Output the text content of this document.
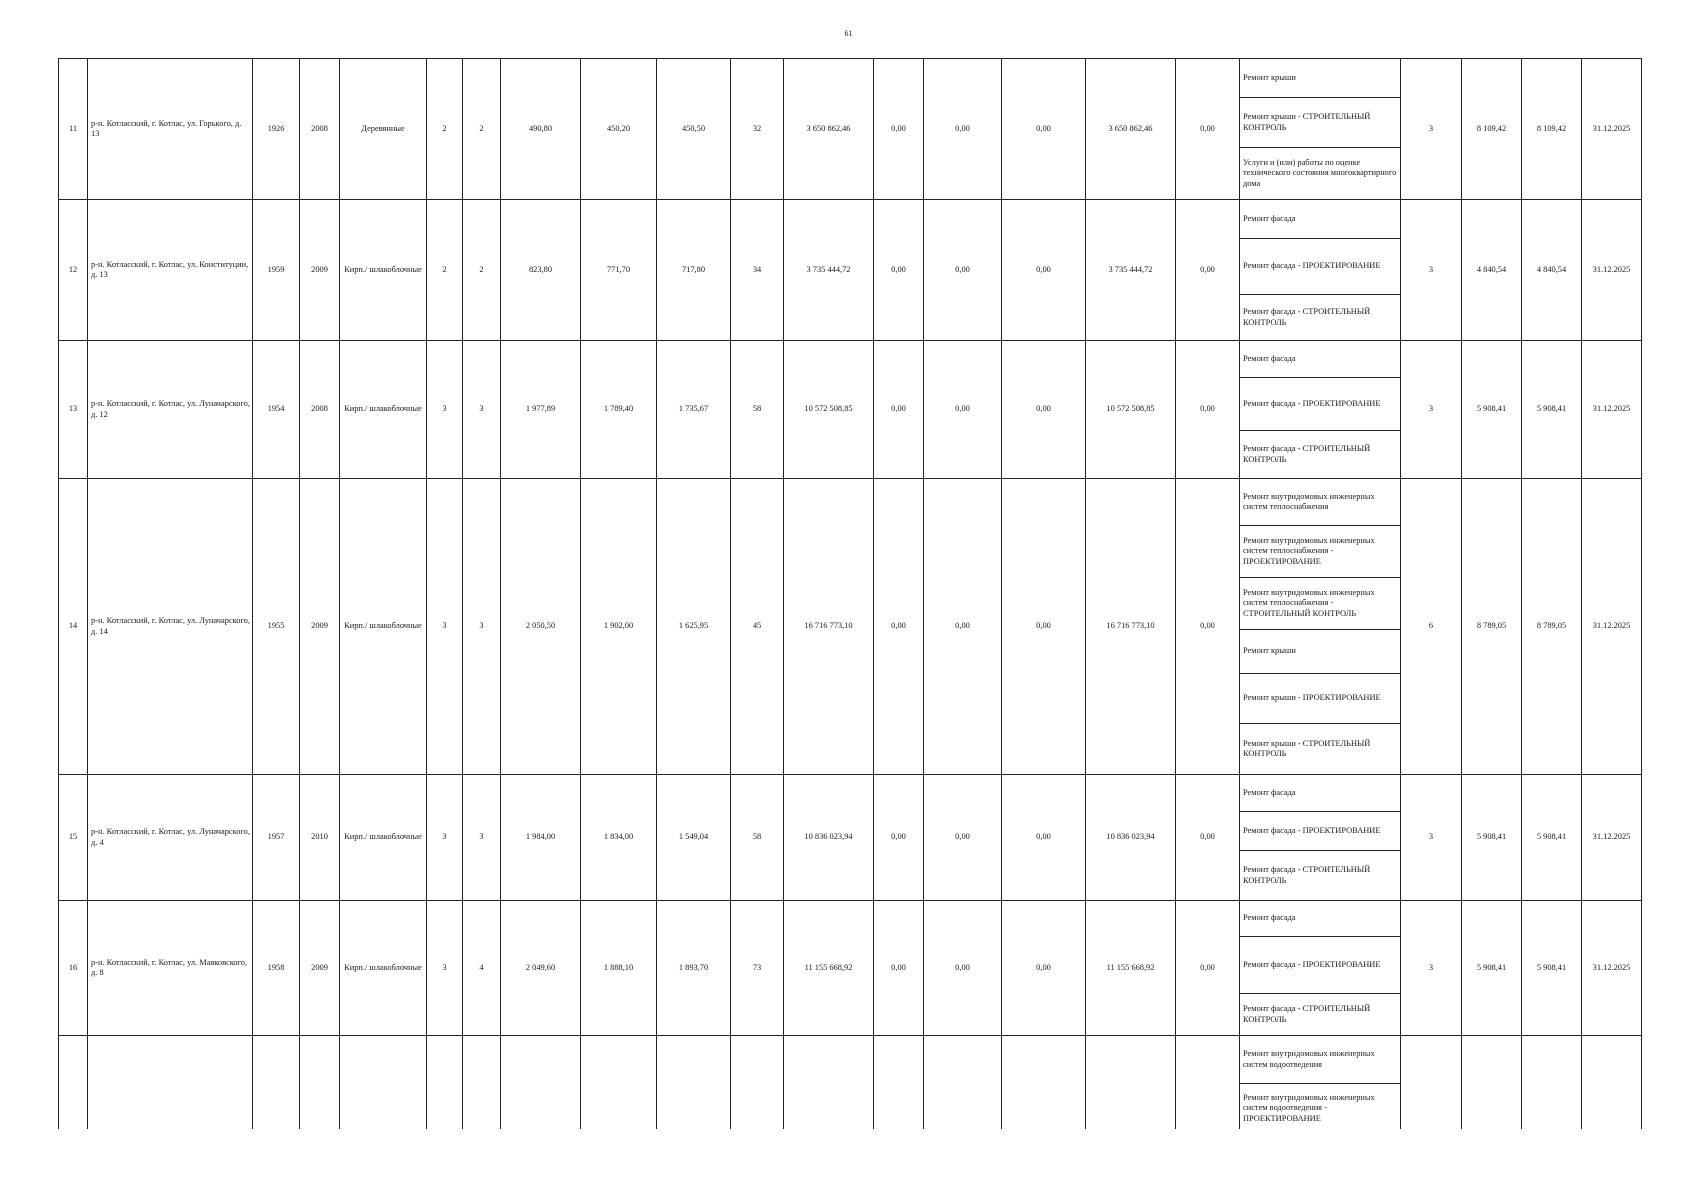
61
11	р-н. Котласский, г. Котлас, ул. Горького, д. 13	1926	2008	Деревянные	2	2	490,80	450,20	450,50	32	3 650 862,46	0,00	0,00	0,00	3 650 862,46	0,00	Ремонт крыши	3	8 109,42	8 109,42	31.12.2025
																	Ремонт крыши - СТРОИТЕЛЬНЫЙ КОНТРОЛЬ				
																	Услуги и (или) работы по оценке технического состояния многоквартирного дома				
12	р-н. Котласский, г. Котлас, ул. Конституции, д. 13	1959	2009	Кирп./ шлакоблочные	2	2	823,80	771,70	717,80	34	3 735 444,72	0,00	0,00	0,00	3 735 444,72	0,00	Ремонт фасада	3	4 840,54	4 840,54	31.12.2025
																	Ремонт фасада - ПРОЕКТИРОВАНИЕ				
																	Ремонт фасада - СТРОИТЕЛЬНЫЙ КОНТРОЛЬ				
13	р-н. Котласский, г. Котлас, ул. Луначарского, д. 12	1954	2008	Кирп./ шлакоблочные	3	3	1 977,89	1 789,40	1 735,67	58	10 572 508,85	0,00	0,00	0,00	10 572 508,85	0,00	Ремонт фасада	3	5 908,41	5 908,41	31.12.2025
																	Ремонт фасада - ПРОЕКТИРОВАНИЕ				
																	Ремонт фасада - СТРОИТЕЛЬНЫЙ КОНТРОЛЬ				
14	р-н. Котласский, г. Котлас, ул. Луначарского, д. 14	1955	2009	Кирп./ шлакоблочные	3	3	2 050,50	1 902,00	1 625,95	45	16 716 773,10	0,00	0,00	0,00	16 716 773,10	0,00	Ремонт внутридомовых инженерных систем теплоснабжения	6	8 789,05	8 789,05	31.12.2025
																	Ремонт внутридомовых инженерных систем теплоснабжения - ПРОЕКТИРОВАНИЕ				
																	Ремонт внутридомовых инженерных систем теплоснабжения - СТРОИТЕЛЬНЫЙ КОНТРОЛЬ				
																	Ремонт крыши				
																	Ремонт крыши - ПРОЕКТИРОВАНИЕ				
																	Ремонт крыши - СТРОИТЕЛЬНЫЙ КОНТРОЛЬ				
15	р-н. Котласский, г. Котлас, ул. Луначарского, д. 4	1957	2010	Кирп./ шлакоблочные	3	3	1 984,00	1 834,00	1 549,04	58	10 836 023,94	0,00	0,00	0,00	10 836 023,94	0,00	Ремонт фасада	3	5 908,41	5 908,41	31.12.2025
																	Ремонт фасада - ПРОЕКТИРОВАНИЕ				
																	Ремонт фасада - СТРОИТЕЛЬНЫЙ КОНТРОЛЬ				
16	р-н. Котласский, г. Котлас, ул. Маяковского, д. 8	1958	2009	Кирп./ шлакоблочные	3	4	2 049,60	1 888,10	1 893,70	73	11 155 668,92	0,00	0,00	0,00	11 155 668,92	0,00	Ремонт фасада	3	5 908,41	5 908,41	31.12.2025
																	Ремонт фасада - ПРОЕКТИРОВАНИЕ				
																	Ремонт фасада - СТРОИТЕЛЬНЫЙ КОНТРОЛЬ				
																	Ремонт внутридомовых инженерных систем водоотведения				
																	Ремонт внутридомовых инженерных систем водоотведения - ПРОЕКТИРОВАНИЕ				
